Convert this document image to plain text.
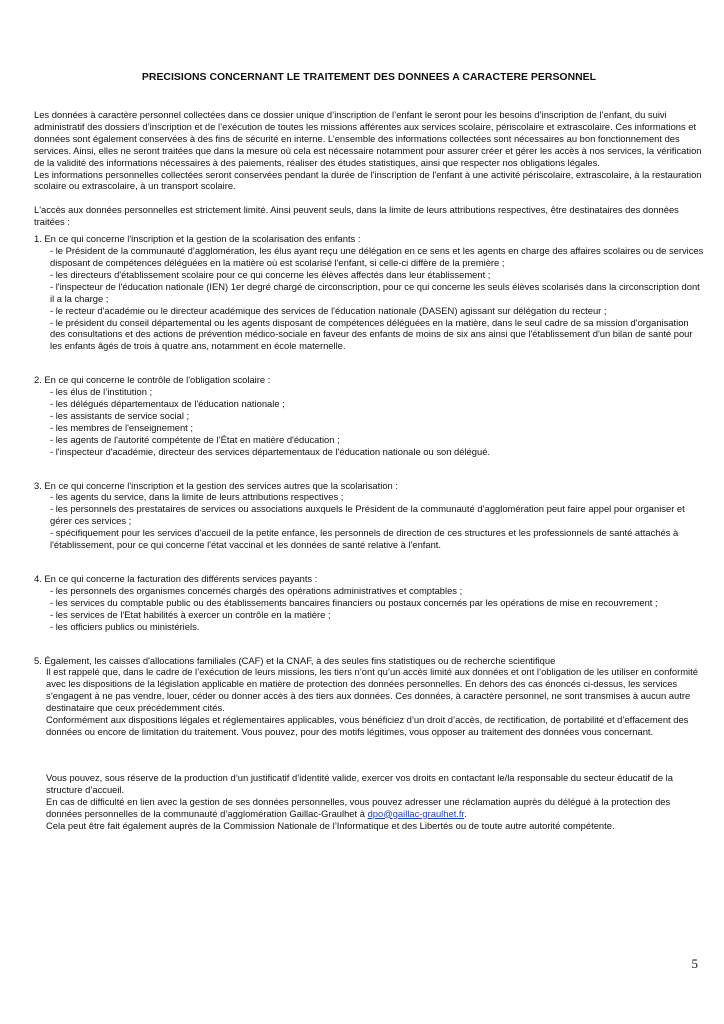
PRECISIONS CONCERNANT LE TRAITEMENT DES DONNEES A CARACTERE PERSONNEL

Les données à caractère personnel collectées dans ce dossier unique d’inscription de l’enfant le seront pour les besoins d’inscription de l’enfant, du suivi administratif des dossiers d’inscription et de l’exécution de toutes les missions afférentes aux services scolaire, périscolaire et extrascolaire. Ces informations et données sont également conservées à des fins de sécurité en interne. L’ensemble des informations collectées sont nécessaires au bon fonctionnement des services. Ainsi, elles ne seront traitées que dans la mesure où cela est nécessaire notamment pour assurer créer et gérer les accès à nos services, la vérification de la validité des informations nécessaires à des paiements, réaliser des études statistiques, ainsi que respecter nos obligations légales.

Les informations personnelles collectées seront conservées pendant la durée de l'inscription de l'enfant à une activité périscolaire, extrascolaire, à la restauration scolaire ou extrascolaire, à un transport scolaire.

L'accès aux données personnelles est strictement limité. Ainsi peuvent seuls, dans la limite de leurs attributions respectives, être destinataires des données traitées :

1. En ce qui concerne l'inscription et la gestion de la scolarisation des enfants :

- le Président de la communauté d’agglomération, les élus ayant reçu une délégation en ce sens et les agents en charge des affaires scolaires ou de services disposant de compétences déléguées en la matière où est scolarisé l'enfant, si celle-ci diffère de la première ;

- les directeurs d'établissement scolaire pour ce qui concerne les élèves affectés dans leur établissement ;

- l'inspecteur de l'éducation nationale (IEN) 1er degré chargé de circonscription, pour ce qui concerne les seuls élèves scolarisés dans la circonscription dont il a la charge ;

- le recteur d'académie ou le directeur académique des services de l'éducation nationale (DASEN) agissant sur délégation du recteur ;

- le président du conseil départemental ou les agents disposant de compétences déléguées en la matière, dans le seul cadre de sa mission d'organisation des consultations et des actions de prévention médico-sociale en faveur des enfants de moins de six ans ainsi que l'établissement d'un bilan de santé pour les enfants âgés de trois à quatre ans, notamment en école maternelle.

2. En ce qui concerne le contrôle de l'obligation scolaire :

- les élus de l’institution ;

- les délégués départementaux de l'éducation nationale ;

- les assistants de service social ;

- les membres de l'enseignement ;

- les agents de l'autorité compétente de l’État en matière d'éducation ;

- l'inspecteur d'académie, directeur des services départementaux de l'éducation nationale ou son délégué.

3. En ce qui concerne l'inscription et la gestion des services autres que la scolarisation :

- les agents du service, dans la limite de leurs attributions respectives ;

- les personnels des prestataires de services ou associations auxquels le Président de la communauté d’agglomération peut faire appel pour organiser et gérer ces services ;

- spécifiquement pour les services d'accueil de la petite enfance, les personnels de direction de ces structures et les professionnels de santé attachés à l'établissement, pour ce qui concerne l'état vaccinal et les données de santé relative à l'enfant.

4. En ce qui concerne la facturation des différents services payants :

- les personnels des organismes concernés chargés des opérations administratives et comptables ;

- les services du comptable public ou des établissements bancaires financiers ou postaux concernés par les opérations de mise en recouvrement ;

- les services de l'Etat habilités à exercer un contrôle en la matière ;

- les officiers publics ou ministériels.

5. Également, les caisses d'allocations familiales (CAF) et la CNAF, à des seules fins statistiques ou de recherche scientifique

Il est rappelé que, dans le cadre de l’exécution de leurs missions, les tiers n’ont qu’un accès limité aux données et ont l’obligation de les utiliser en conformité avec les dispositions de la législation applicable en matière de protection des données personnelles. En dehors des cas énoncés ci-dessus, les services s’engagent à ne pas vendre, louer, céder ou donner accès à des tiers aux données. Ces données, à caractère personnel, ne sont transmises à aucun autre destinataire que ceux précédemment cités.

Conformément aux dispositions légales et réglementaires applicables, vous bénéficiez d’un droit d’accès, de rectification, de portabilité et d’effacement des données ou encore de limitation du traitement. Vous pouvez, pour des motifs légitimes, vous opposer au traitement des données vous concernant.

Vous pouvez, sous réserve de la production d’un justificatif d’identité valide, exercer vos droits en contactant le/la responsable du secteur éducatif de la structure d’accueil.

En cas de difficulté en lien avec la gestion de ses données personnelles, vous pouvez adresser une réclamation auprès du délégué à la protection des données personnelles de la communauté d’agglomération Gaillac-Graulhet à dpo@gaillac-graulhet.fr.

Cela peut être fait également auprès de la Commission Nationale de l’Informatique et des Libertés ou de toute autre autorité compétente.

5
